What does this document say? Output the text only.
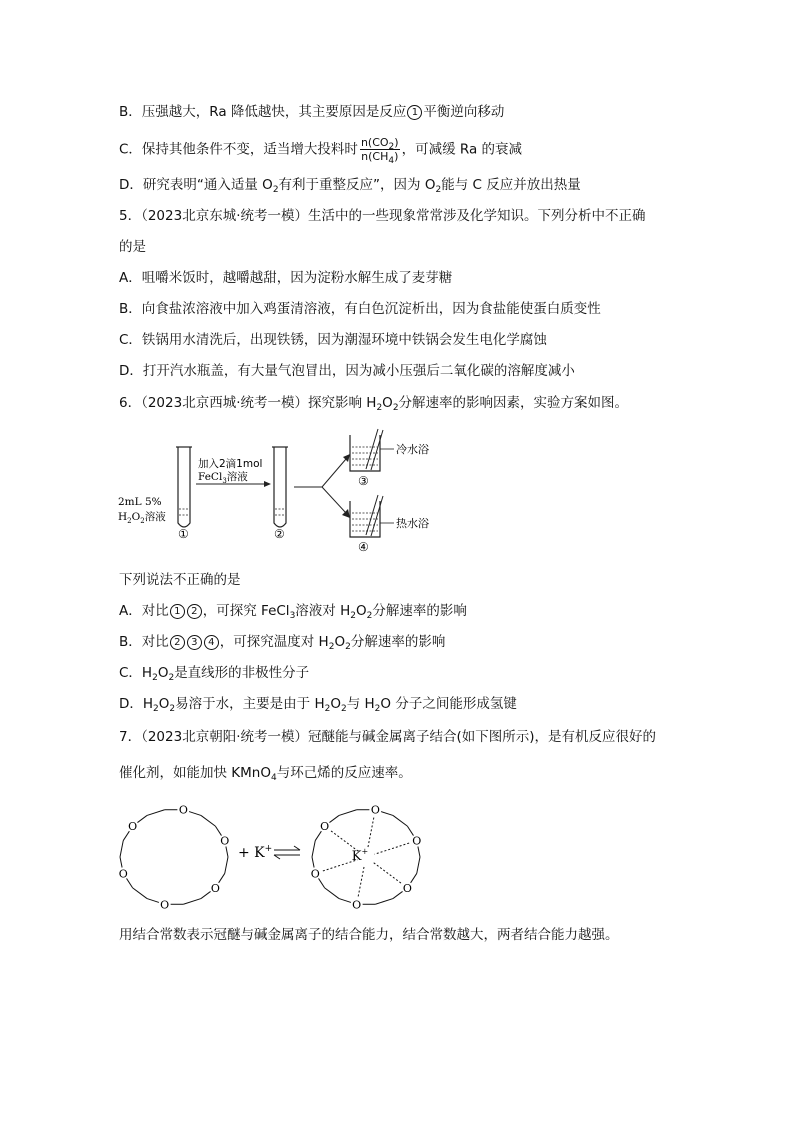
B．压强越大，Ra 降低越快，其主要原因是反应 1 平衡逆向移动
C．保持其他条件不变，适当增大投料时 $\frac{n(CO_2)}{n(CH_4)}$ ，可减缓 Ra 的衰减
D．研究表明“通入适量 $O_2$有利于重整反应”，因为 $O_2$能与 C 反应并放出热量
5．（2023北京东城·统考一模）生活中的一些现象常常涉及化学知识。下列分析中不正确
的是
A．咀嚼米饭时，越嚼越甜，因为淀粉水解生成了麦芽糖
B．向食盐浓溶液中加入鸡蛋清溶液，有白色沉淀析出，因为食盐能使蛋白质变性
C．铁锅用水清洗后，出现铁锈，因为潮湿环境中铁锅会发生电化学腐蚀
D．打开汽水瓶盖，有大量气泡冒出，因为减小压强后二氧化碳的溶解度减小
6．（2023北京西城·统考一模）探究影响 $H_2O_2$分解速率的影响因素，实验方案如图。
2mL 5%
$H_2O_2$溶液
①
加入2滴1mol
FeCl$_3$溶液
②
冷水浴
③
热水浴
④
下列说法不正确的是
A．对比 1 2 ，可探究 FeCl$_3$溶液对 $H_2O_2$分解速率的影响
B．对比 2 3 4 ，可探究温度对 $H_2O_2$分解速率的影响
C．$H_2O_2$是直线形的非极性分子
D．$H_2O_2$易溶于水，主要是由于 $H_2O_2$与 $H_2O$ 分子之间能形成氢键
7．（2023北京朝阳·统考一模）冠醚能与碱金属离子结合(如下图所示)，是有机反应很好的
催化剂，如能加快 KMnO$_4$与环己烯的反应速率。
O
O
O
O
O
O
+ K+
O
O
O
O
O
O
K+
用结合常数表示冠醚与碱金属离子的结合能力，结合常数越大，两者结合能力越强。
